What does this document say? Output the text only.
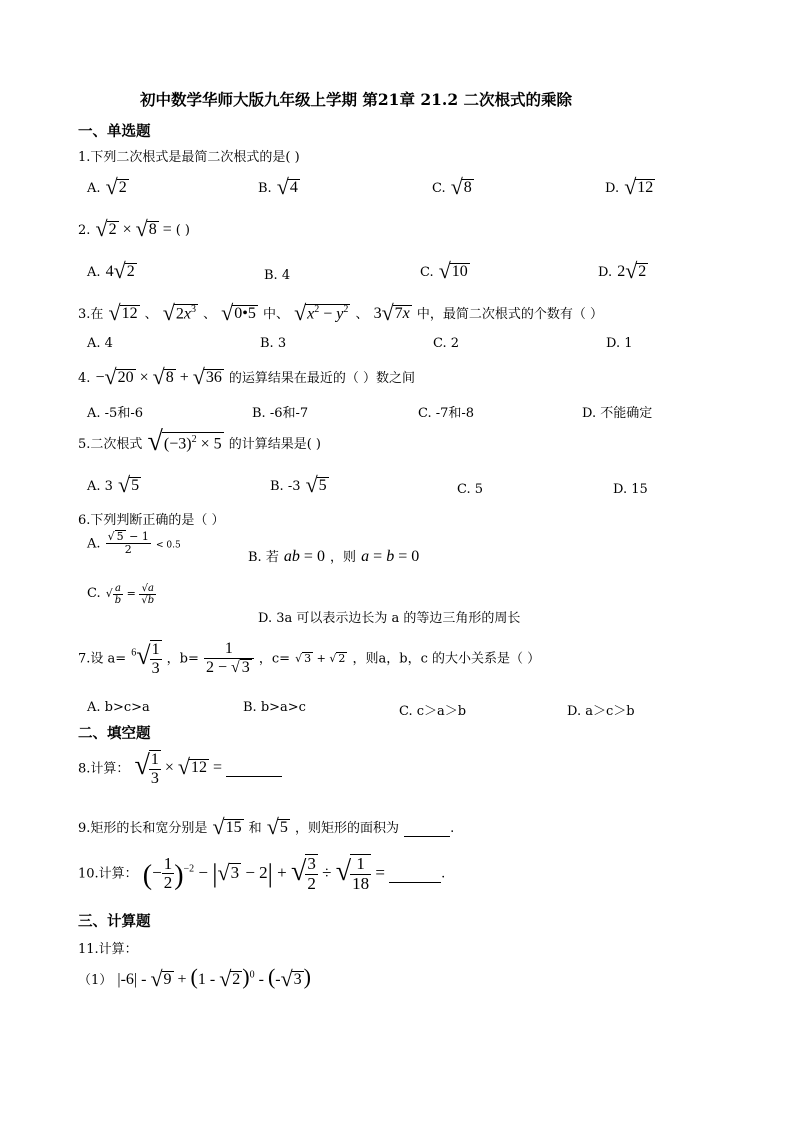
初中数学华师大版九年级上学期 第21章 21.2 二次根式的乘除
一、单选题
1.下列二次根式是最简二次根式的是( )
A. √2	B. √4	C. √8	D. √12
2. √2 × √8 = ( )
A. 4√2	B. 4	C. √10	D. 2√2
3.在 √12 、 $√2x^3$ 、 √0•5 中、 $√x^2 - y^2$ 、 3√7x 中，最简二次根式的个数有（ ）
A. 4	B. 3	C. 2	D. 1
4. −√20 × √8 + √36 的运算结果在最近的（ ）数之间
A. -5和-6	B. -6和-7	C. -7和-8	D. 不能确定
5.二次根式 $√(-3)^2 \times 5$ 的计算结果是( )
A. 3 √5	B. -3 √5	C. 5	D. 15
6.下列判断正确的是（ ）
A. $\frac{√ 5 - 1}{2} < 0.5$
B. 若 ab = 0 ，则 a = b = 0
C. √ $\frac{a}{b} = \frac{√a}{√b}$
D. 3a 可以表示边长为 a 的等边三角形的周长
7.设 $a= ^6√ \frac{1}{3}$ ，$b= \frac{1}{2 - √ 3}$ ，c= √ 3 + √ 2 ，则a，b，c 的大小关系是（ ）
A. b>c>a	B. b>a>c	C. c＞a＞b	D. a＞c＞b
二、填空题
8.计算： √ $\frac{1}{3} \times √12$ =
9.矩形的长和宽分别是 √15 和 √5 ，则矩形的面积为	.
10.计算： (− $\frac{1}{2} )^{-2} - |√3 - 2|$ + √ $\frac{3}{2}$ ÷ √ $\frac{1}{18}$ =	.
三、计算题
11.计算：
（1） |-6| - √9 + (1 - √2)$^0$ - (-√3)
